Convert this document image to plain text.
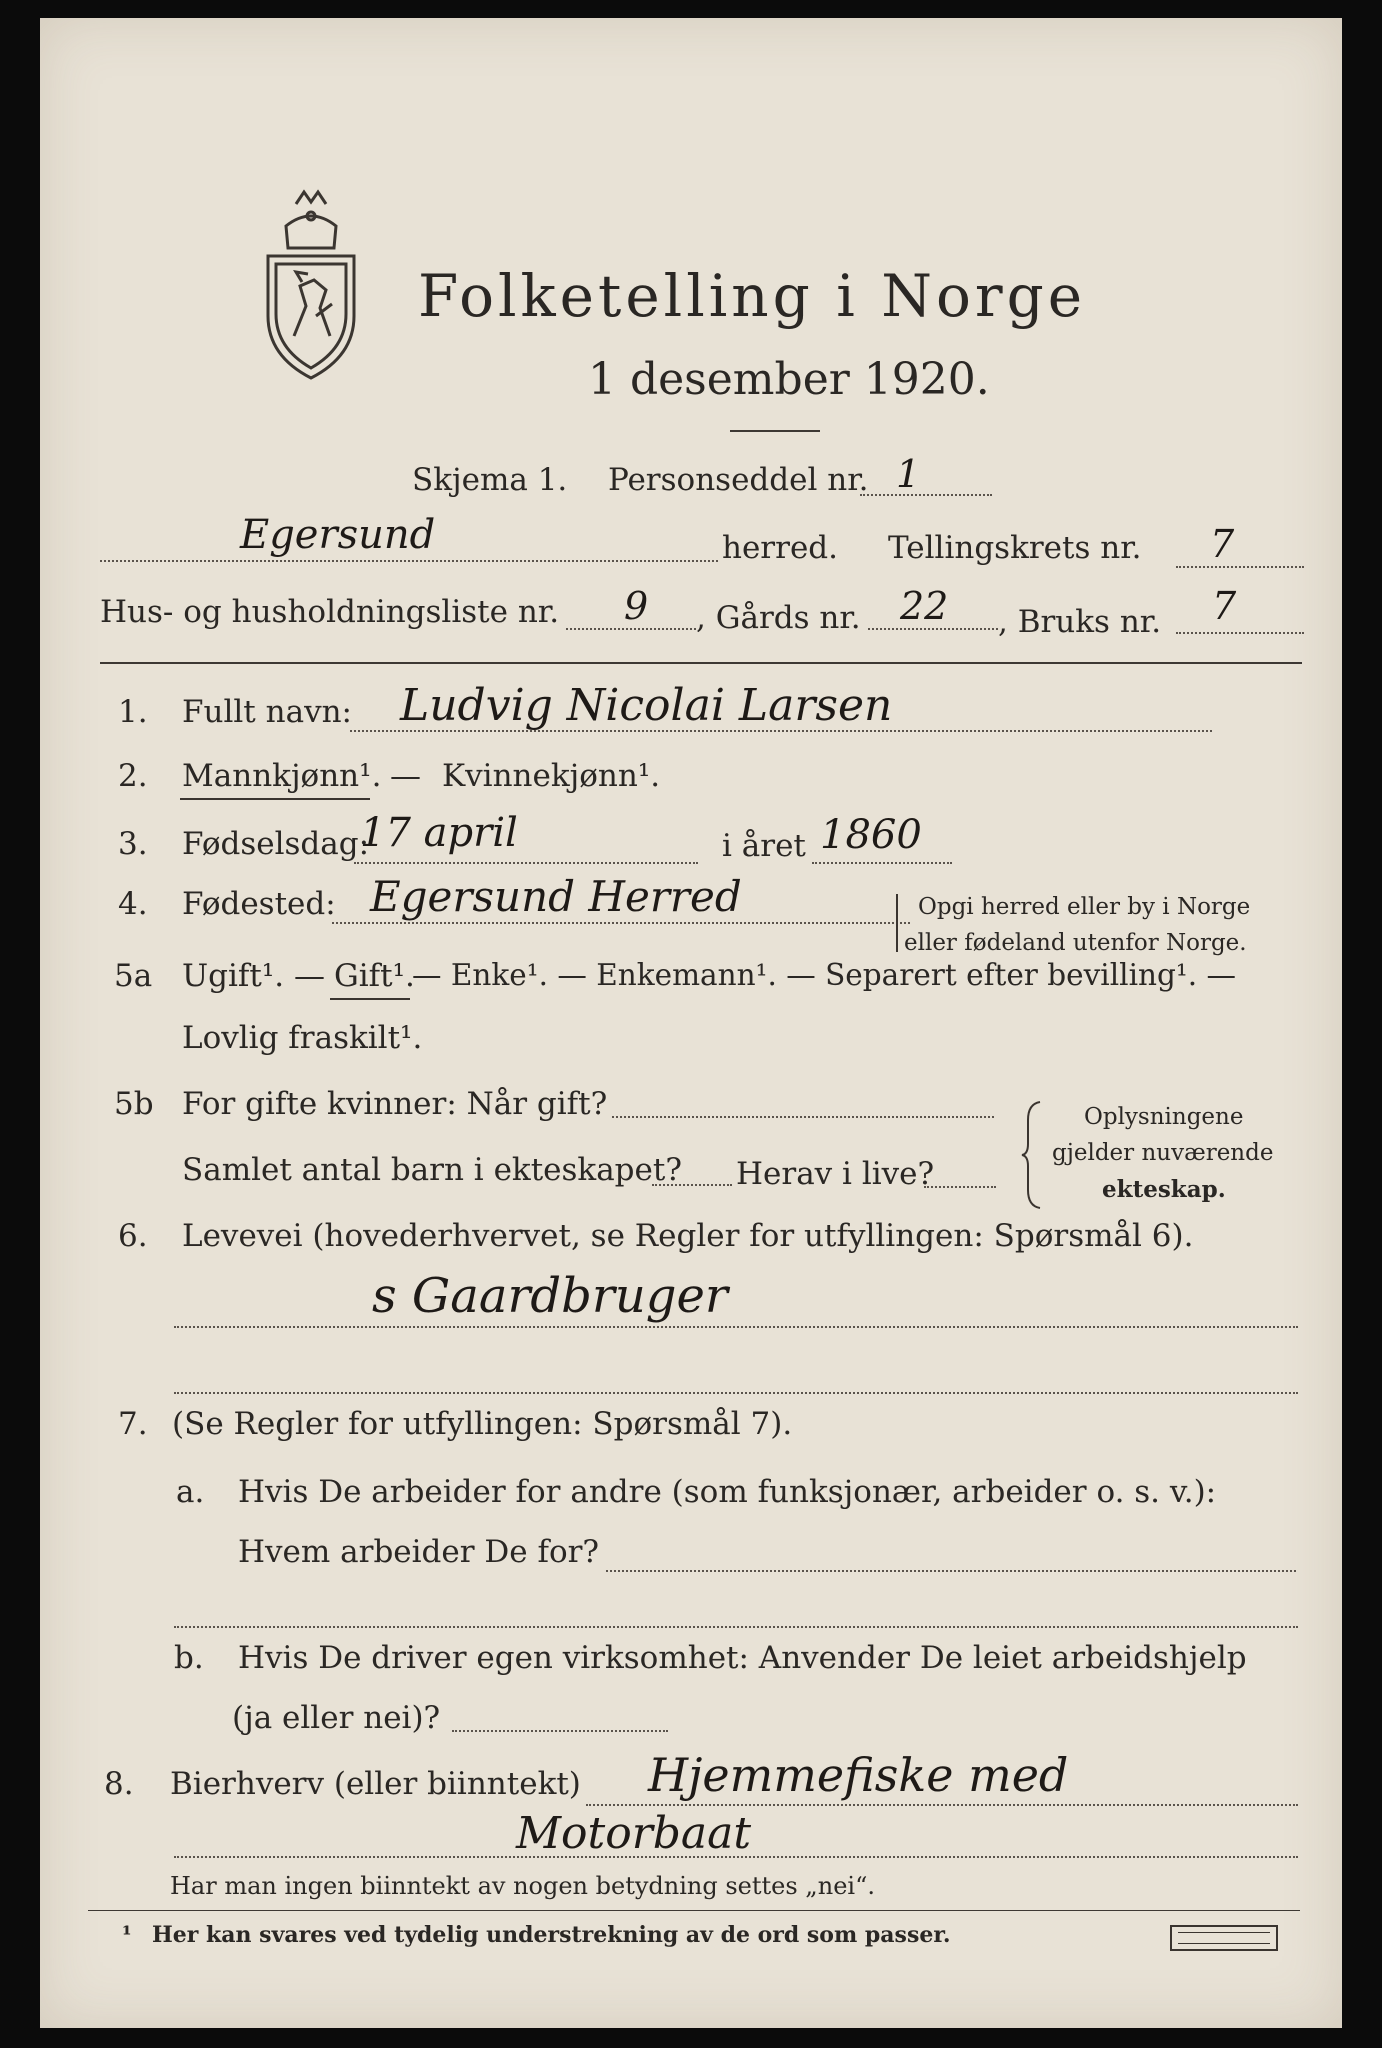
Folketelling i Norge
1 desember 1920.
Skjema 1. Personseddel nr. 1
Egersund	herred. Tellingskrets nr. 7
Hus- og husholdningsliste nr. 9 , Gårds nr. 22 , Bruks nr. 7
1. Fullt navn: Ludvig Nicolai Larsen
2. Mannkjønn¹. — Kvinnekjønn¹.
3. Fødselsdag:
17 april	i året 1860
4. Fødested: Egersund Herred	Opgi herred eller by i Norge
eller fødeland utenfor Norge.
5a Ugift¹. — Gift¹.
— Enke¹. — Enkemann¹. — Separert efter bevilling¹. —
Lovlig fraskilt¹.
5b For gifte kvinner: Når gift?
Samlet antal barn i ekteskapet? Herav i live?
Oplysningene
gjelder nuværende
ekteskap.
6. Levevei (hovederhvervet, se Regler for utfyllingen: Spørsmål 6).
s Gaardbruger
7. (Se Regler for utfyllingen: Spørsmål 7).
a. Hvis De arbeider for andre (som funksjonær, arbeider o. s. v.):
Hvem arbeider De for?
b. Hvis De driver egen virksomhet: Anvender De leiet arbeidshjelp
(ja eller nei)?
8. Bierhverv (eller biinntekt) Hjemmefiske med
Motorbaat
Har man ingen biinntekt av nogen betydning settes „nei“.
¹ Her kan svares ved tydelig understrekning av de ord som passer.
